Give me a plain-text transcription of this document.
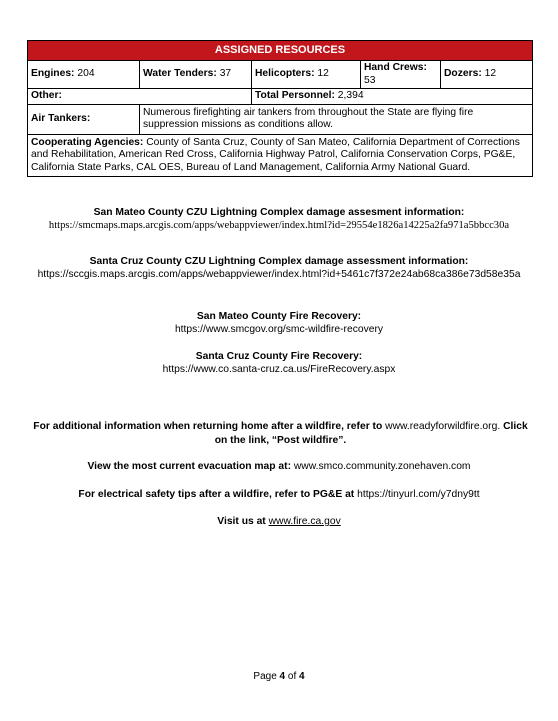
ASSIGNED RESOURCES				
Engines: 204	Water Tenders: 37	Helicopters: 12	Hand Crews: 53	Dozers: 12
Other:		Total Personnel: 2,394		
Air Tankers:	Numerous firefighting air tankers from throughout the State are flying fire suppression missions as conditions allow.			
Cooperating Agencies: County of Santa Cruz, County of San Mateo, California Department of Corrections and Rehabilitation, American Red Cross, California Highway Patrol, California Conservation Corps, PG&E, California State Parks, CAL OES, Bureau of Land Management, California Army National Guard.				
San Mateo County CZU Lightning Complex damage assesment information:
https://smcmaps.maps.arcgis.com/apps/webappviewer/index.html?id=29554e1826a14225a2fa971a5bbcc30a
Santa Cruz County CZU Lightning Complex damage assessment information:
https://sccgis.maps.arcgis.com/apps/webappviewer/index.html?id+5461c7f372e24ab68ca386e73d58e35a
San Mateo County Fire Recovery:
https://www.smcgov.org/smc-wildfire-recovery
Santa Cruz County Fire Recovery:
https://www.co.santa-cruz.ca.us/FireRecovery.aspx
For additional information when returning home after a wildfire, refer to www.readyforwildfire.org. Click on the link, “Post wildfire”.
View the most current evacuation map at: www.smco.community.zonehaven.com
For electrical safety tips after a wildfire, refer to PG&E at https://tinyurl.com/y7dny9tt
Visit us at www.fire.ca.gov
Page 4 of 4
